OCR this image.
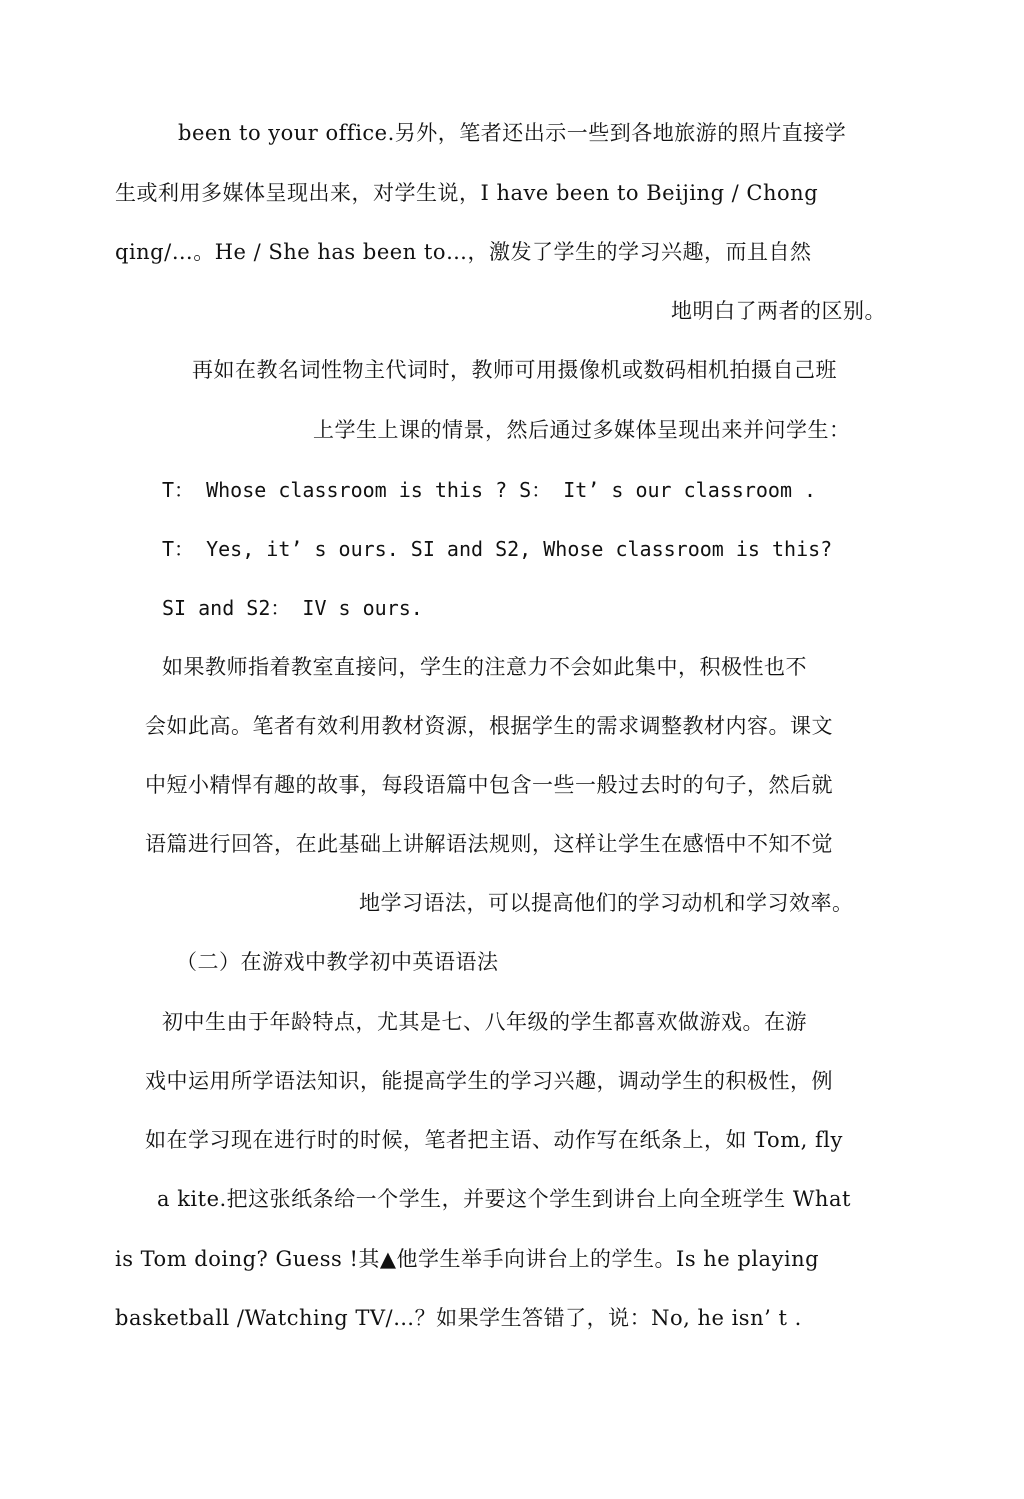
been to your office.另外，笔者还出示一些到各地旅游的照片直接学
生或利用多媒体呈现出来，对学生说，I have been to Beijing / Chong
qing/…。He / She has been to…，激发了学生的学习兴趣，而且自然
地明白了两者的区别。
再如在教名词性物主代词时，教师可用摄像机或数码相机拍摄自己班
上学生上课的情景，然后通过多媒体呈现出来并问学生：
T： Whose classroom is this ? S： It’ s our classroom .
T： Yes, it’ s ours. SI and S2, Whose classroom is this?
SI and S2： IV s ours.
如果教师指着教室直接问，学生的注意力不会如此集中，积极性也不
会如此高。笔者有效利用教材资源，根据学生的需求调整教材内容。课文
中短小精悍有趣的故事，每段语篇中包含一些一般过去时的句子，然后就
语篇进行回答，在此基础上讲解语法规则，这样让学生在感悟中不知不觉
地学习语法，可以提高他们的学习动机和学习效率。
（二）在游戏中教学初中英语语法
初中生由于年龄特点，尤其是七、八年级的学生都喜欢做游戏。在游
戏中运用所学语法知识，能提高学生的学习兴趣，调动学生的积极性，例
如在学习现在进行时的时候，笔者把主语、动作写在纸条上，如 Tom, fly
a kite.把这张纸条给一个学生，并要这个学生到讲台上向全班学生 What
is Tom doing? Guess !其▲他学生举手向讲台上的学生。Is he playing
basketball /Watching TV/…？如果学生答错了，说：No, he isn’ t .
